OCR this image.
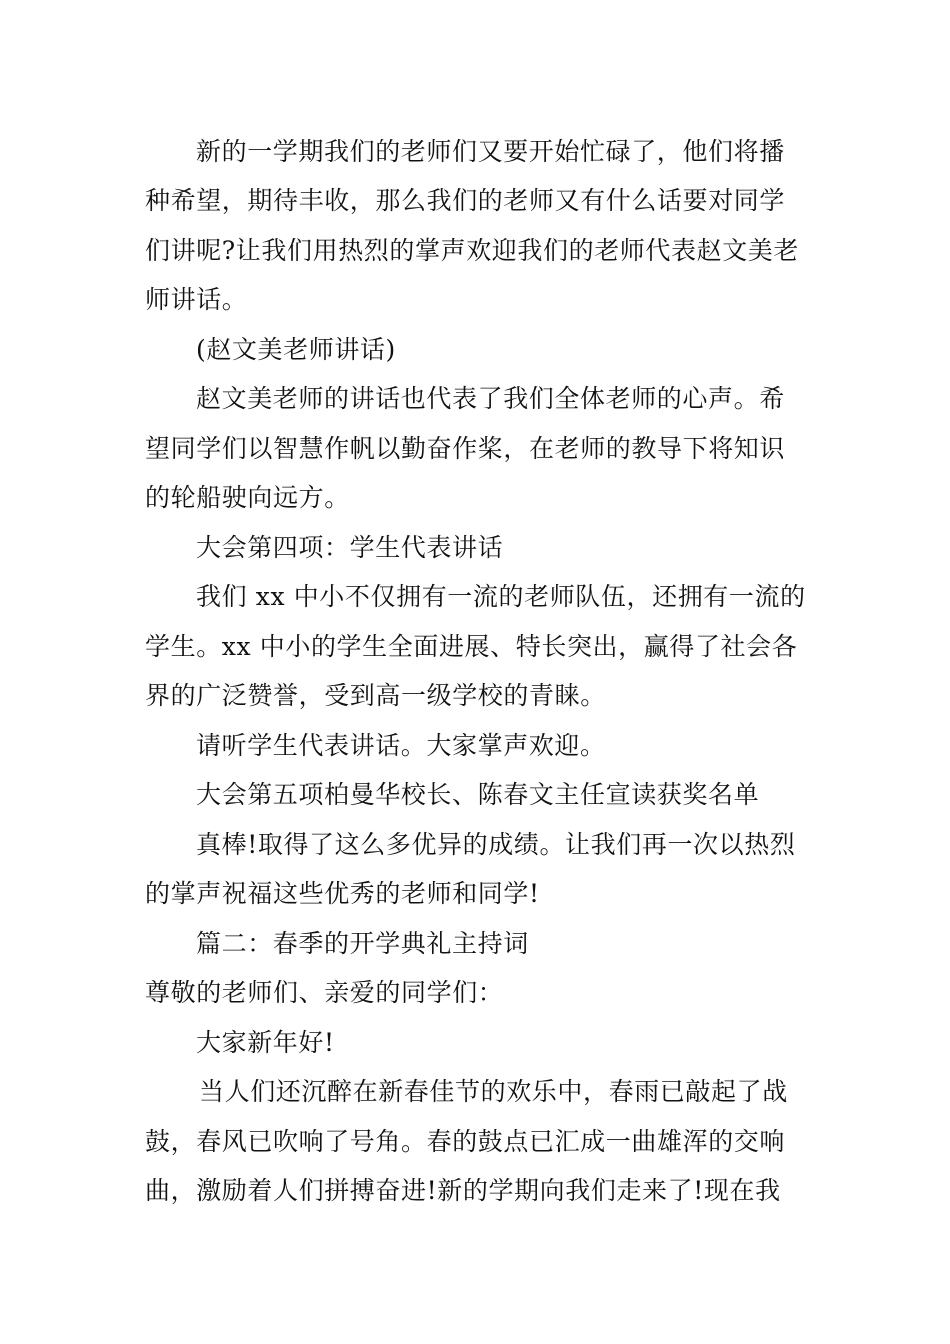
新的一学期我们的老师们又要开始忙碌了，他们将播
种希望，期待丰收，那么我们的老师又有什么话要对同学
们讲呢?让我们用热烈的掌声欢迎我们的老师代表赵文美老
师讲话。
(赵文美老师讲话)
赵文美老师的讲话也代表了我们全体老师的心声。希
望同学们以智慧作帆以勤奋作桨，在老师的教导下将知识
的轮船驶向远方。
大会第四项：学生代表讲话
我们 xx 中小不仅拥有一流的老师队伍，还拥有一流的
学生。xx 中小的学生全面进展、特长突出，赢得了社会各
界的广泛赞誉，受到高一级学校的青睐。
请听学生代表讲话。大家掌声欢迎。
大会第五项柏曼华校长、陈春文主任宣读获奖名单
真棒!取得了这么多优异的成绩。让我们再一次以热烈
的掌声祝福这些优秀的老师和同学!
篇二：春季的开学典礼主持词
尊敬的老师们、亲爱的同学们：
大家新年好!
当人们还沉醉在新春佳节的欢乐中，春雨已敲起了战
鼓，春风已吹响了号角。春的鼓点已汇成一曲雄浑的交响
曲，激励着人们拼搏奋进!新的学期向我们走来了!现在我
